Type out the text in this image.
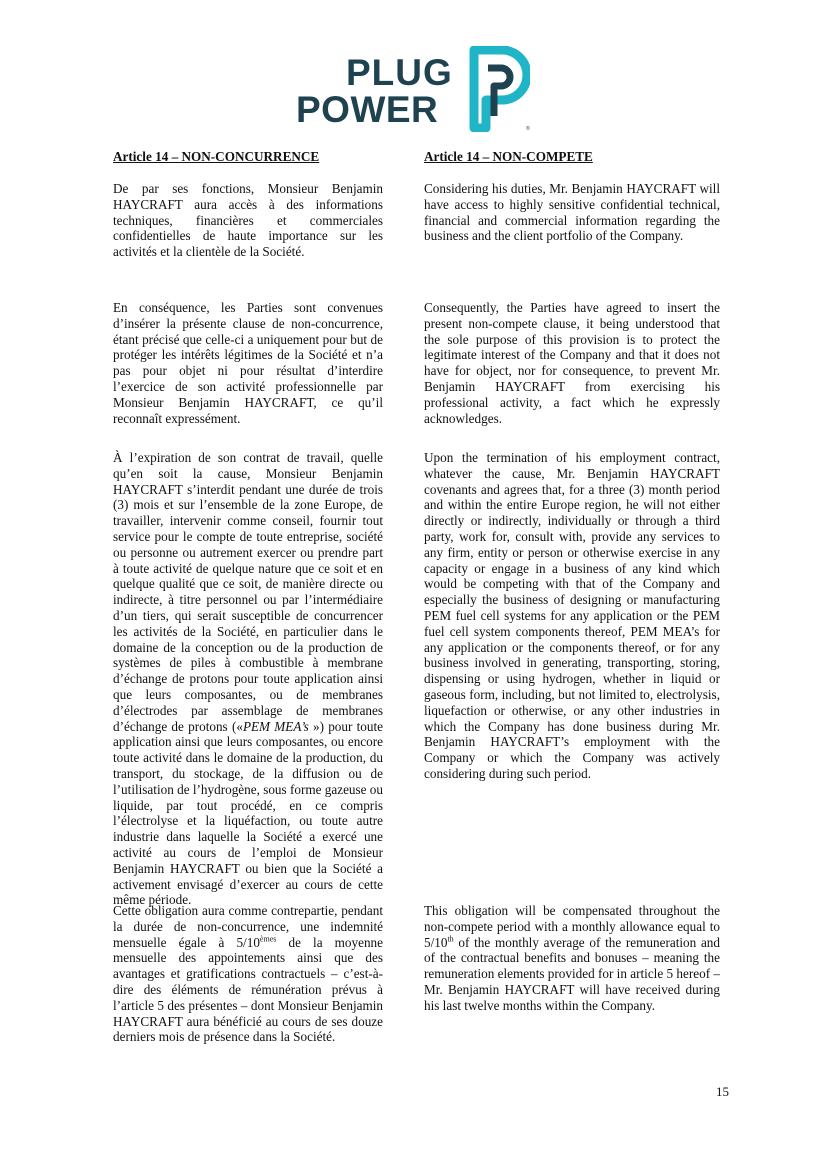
PLUG
POWER	®
Article 14 – NON-CONCURRENCE

De par ses fonctions, Monsieur Benjamin HAYCRAFT aura accès à des informations techniques, financières et commerciales confidentielles de haute importance sur les activités et la clientèle de la Société.

En conséquence, les Parties sont convenues d’insérer la présente clause de non-concurrence, étant précisé que celle-ci a uniquement pour but de protéger les intérêts légitimes de la Société et n’a pas pour objet ni pour résultat d’interdire l’exercice de son activité professionnelle par Monsieur Benjamin HAYCRAFT, ce qu’il reconnaît expressément.

À l’expiration de son contrat de travail, quelle qu’en soit la cause, Monsieur Benjamin HAYCRAFT s’interdit pendant une durée de trois (3) mois et sur l’ensemble de la zone Europe, de travailler, intervenir comme conseil, fournir tout service pour le compte de toute entreprise, société ou personne ou autrement exercer ou prendre part à toute activité de quelque nature que ce soit et en quelque qualité que ce soit, de manière directe ou indirecte, à titre personnel ou par l’intermédiaire d’un tiers, qui serait susceptible de concurrencer les activités de la Société, en particulier dans le domaine de la conception ou de la production de systèmes de piles à combustible à membrane d’échange de protons pour toute application ainsi que leurs composantes, ou de membranes d’électrodes par assemblage de membranes d’échange de protons («PEM MEA’s ») pour toute application ainsi que leurs composantes, ou encore toute activité dans le domaine de la production, du transport, du stockage, de la diffusion ou de l’utilisation de l’hydrogène, sous forme gazeuse ou liquide, par tout procédé, en ce compris l’électrolyse et la liquéfaction, ou toute autre industrie dans laquelle la Société a exercé une activité au cours de l’emploi de Monsieur Benjamin HAYCRAFT ou bien que la Société a activement envisagé d’exercer au cours de cette même période.

Cette obligation aura comme contrepartie, pendant la durée de non-concurrence, une indemnité mensuelle égale à 5/10èmes de la moyenne mensuelle des appointements ainsi que des avantages et gratifications contractuels – c’est-à-dire des éléments de rémunération prévus à l’article 5 des présentes – dont Monsieur Benjamin HAYCRAFT aura bénéficié au cours de ses douze derniers mois de présence dans la Société.

Article 14 – NON-COMPETE

Considering his duties, Mr. Benjamin HAYCRAFT will have access to highly sensitive confidential technical, financial and commercial information regarding the business and the client portfolio of the Company.

Consequently, the Parties have agreed to insert the present non-compete clause, it being understood that the sole purpose of this provision is to protect the legitimate interest of the Company and that it does not have for object, nor for consequence, to prevent Mr. Benjamin HAYCRAFT from exercising his professional activity, a fact which he expressly acknowledges.

Upon the termination of his employment contract, whatever the cause, Mr. Benjamin HAYCRAFT covenants and agrees that, for a three (3) month period and within the entire Europe region, he will not either directly or indirectly, individually or through a third party, work for, consult with, provide any services to any firm, entity or person or otherwise exercise in any capacity or engage in a business of any kind which would be competing with that of the Company and especially the business of designing or manufacturing PEM fuel cell systems for any application or the PEM fuel cell system components thereof, PEM MEA’s for any application or the components thereof, or for any business involved in generating, transporting, storing, dispensing or using hydrogen, whether in liquid or gaseous form, including, but not limited to, electrolysis, liquefaction or otherwise, or any other industries in which the Company has done business during Mr. Benjamin HAYCRAFT’s employment with the Company or which the Company was actively considering during such period.

This obligation will be compensated throughout the non-compete period with a monthly allowance equal to 5/10th of the monthly average of the remuneration and of the contractual benefits and bonuses – meaning the remuneration elements provided for in article 5 hereof – Mr. Benjamin HAYCRAFT will have received during his last twelve months within the Company.

15
